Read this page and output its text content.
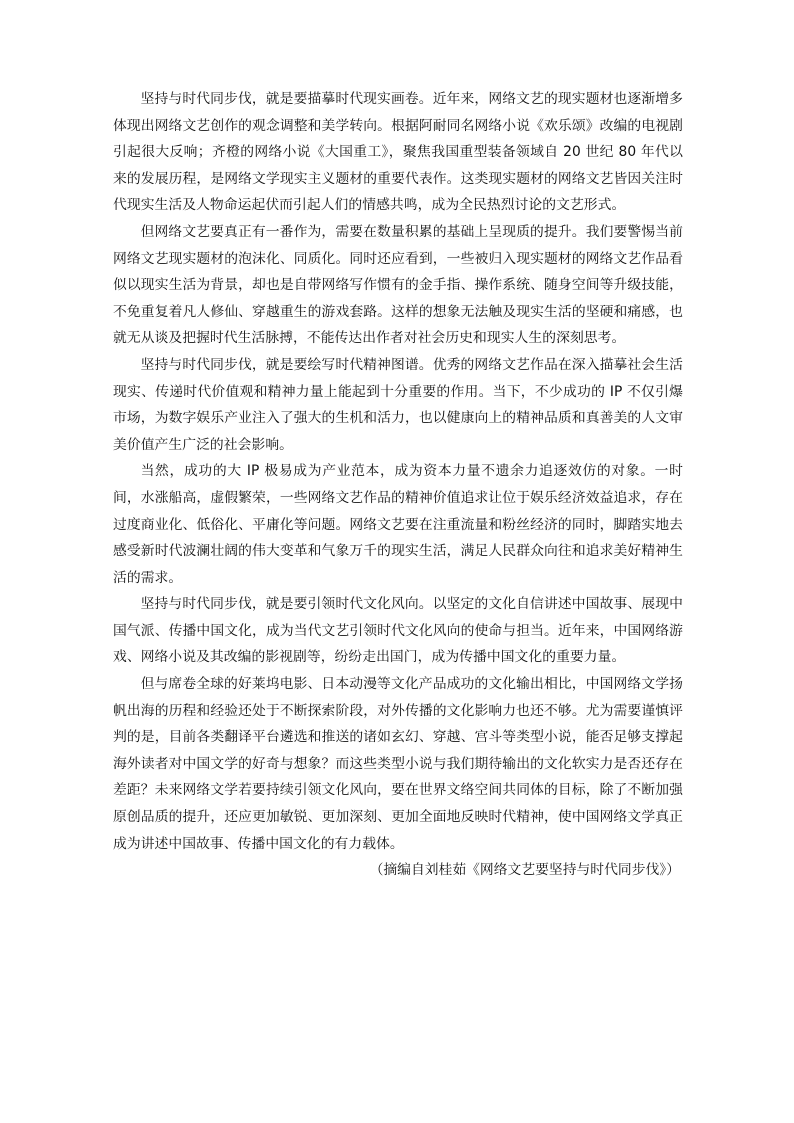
坚持与时代同步伐，就是要描摹时代现实画卷。近年来，网络文艺的现实题材也逐渐增多体现出网络文艺创作的观念调整和美学转向。根据阿耐同名网络小说《欢乐颂》改编的电视剧引起很大反响；齐橙的网络小说《大国重工》，聚焦我国重型装备领域自 20 世纪 80 年代以来的发展历程，是网络文学现实主义题材的重要代表作。这类现实题材的网络文艺皆因关注时代现实生活及人物命运起伏而引起人们的情感共鸣，成为全民热烈讨论的文艺形式。

但网络文艺要真正有一番作为，需要在数量积累的基础上呈现质的提升。我们要警惕当前网络文艺现实题材的泡沫化、同质化。同时还应看到，一些被归入现实题材的网络文艺作品看似以现实生活为背景，却也是自带网络写作惯有的金手指、操作系统、随身空间等升级技能，不免重复着凡人修仙、穿越重生的游戏套路。这样的想象无法触及现实生活的坚硬和痛感，也就无从谈及把握时代生活脉搏，不能传达出作者对社会历史和现实人生的深刻思考。

坚持与时代同步伐，就是要绘写时代精神图谱。优秀的网络文艺作品在深入描摹社会生活现实、传递时代价值观和精神力量上能起到十分重要的作用。当下，不少成功的 IP 不仅引爆市场，为数字娱乐产业注入了强大的生机和活力，也以健康向上的精神品质和真善美的人文审美价值产生广泛的社会影响。

当然，成功的大 IP 极易成为产业范本，成为资本力量不遗余力追逐效仿的对象。一时间，水涨船高，虚假繁荣，一些网络文艺作品的精神价值追求让位于娱乐经济效益追求，存在过度商业化、低俗化、平庸化等问题。网络文艺要在注重流量和粉丝经济的同时，脚踏实地去感受新时代波澜壮阔的伟大变革和气象万千的现实生活，满足人民群众向往和追求美好精神生活的需求。

坚持与时代同步伐，就是要引领时代文化风向。以坚定的文化自信讲述中国故事、展现中国气派、传播中国文化，成为当代文艺引领时代文化风向的使命与担当。近年来，中国网络游戏、网络小说及其改编的影视剧等，纷纷走出国门，成为传播中国文化的重要力量。

但与席卷全球的好莱坞电影、日本动漫等文化产品成功的文化输出相比，中国网络文学扬帆出海的历程和经验还处于不断探索阶段，对外传播的文化影响力也还不够。尤为需要谨慎评判的是，目前各类翻译平台遴选和推送的诸如玄幻、穿越、宫斗等类型小说，能否足够支撑起海外读者对中国文学的好奇与想象？而这些类型小说与我们期待输出的文化软实力是否还存在差距？未来网络文学若要持续引领文化风向，要在世界文络空间共同体的目标，除了不断加强原创品质的提升，还应更加敏锐、更加深刻、更加全面地反映时代精神，使中国网络文学真正成为讲述中国故事、传播中国文化的有力载体。

（摘编自刘桂茹《网络文艺要坚持与时代同步伐》）
